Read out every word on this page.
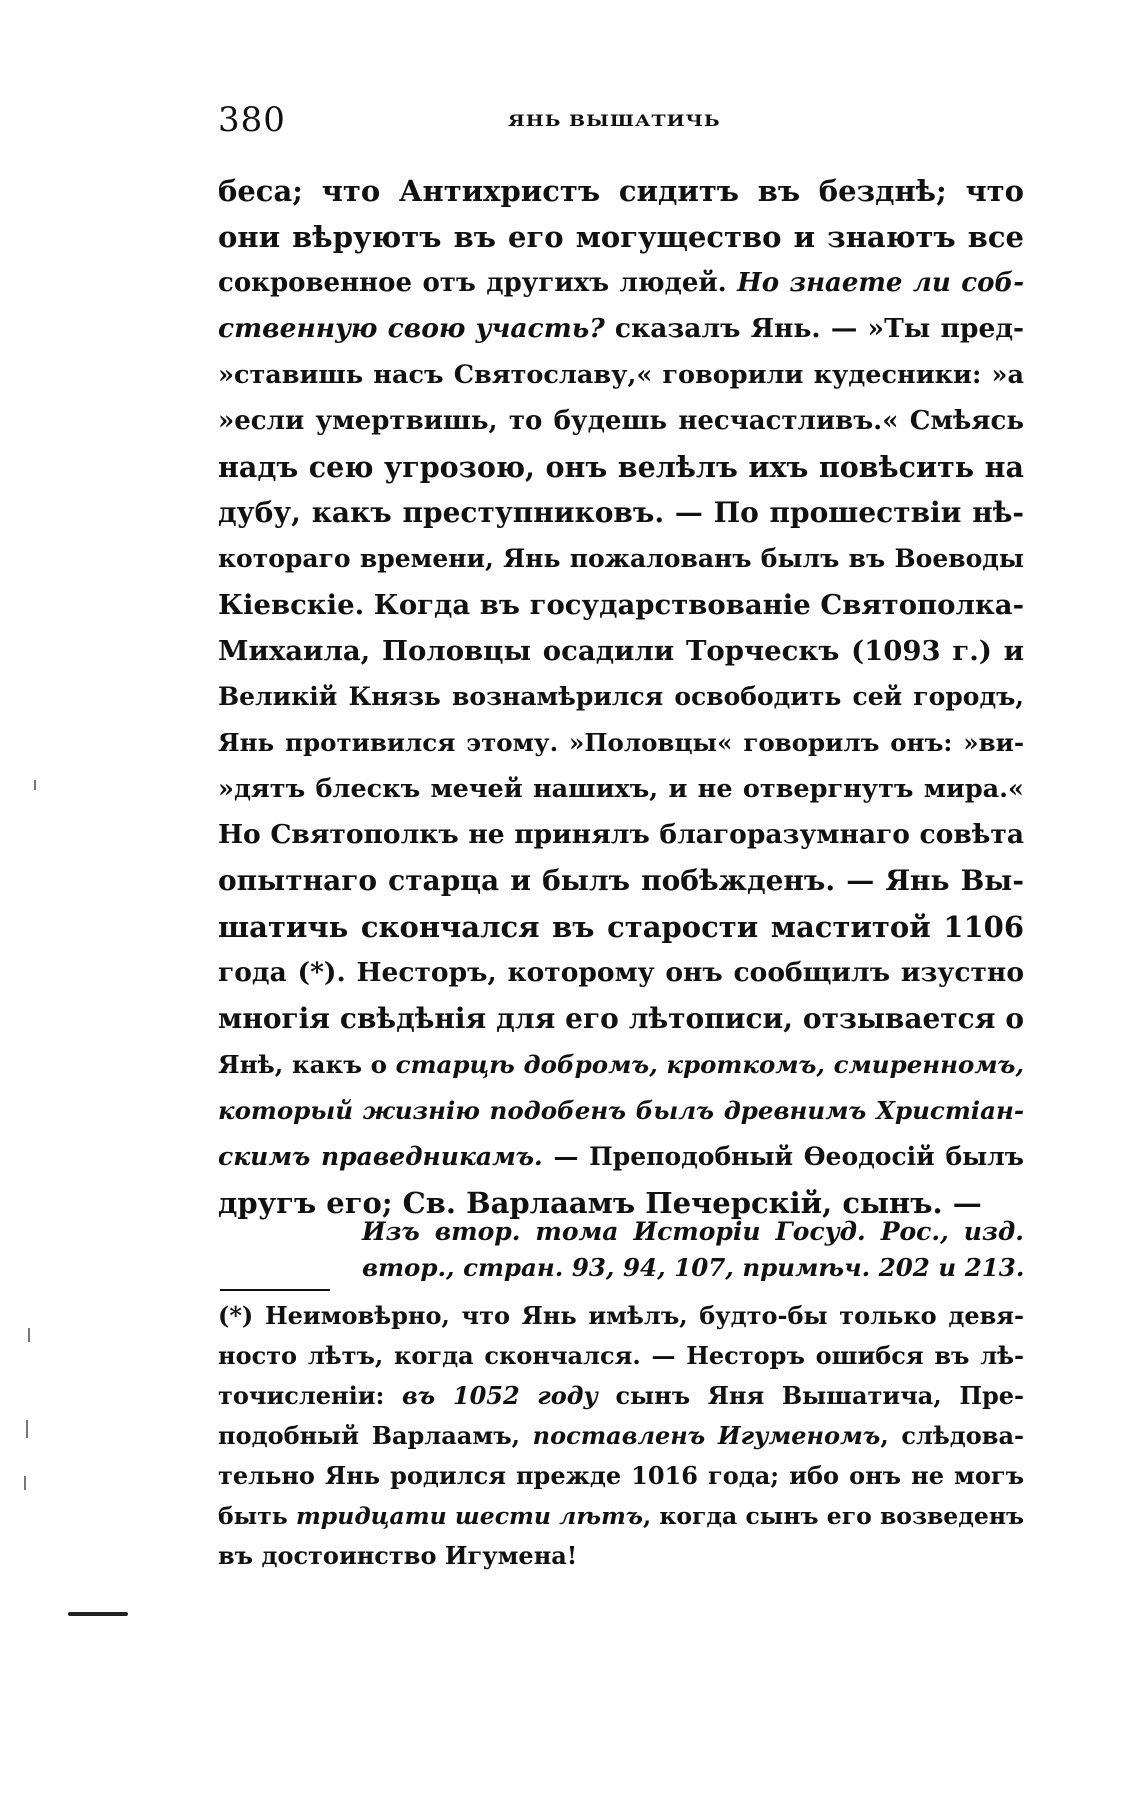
380	ЯНЬ ВЫШАТИЧЬ
беса; что Антихристъ сидитъ въ безднѣ; что
они вѣруютъ въ его могущество и знаютъ все
сокровенное отъ другихъ людей. Но знаете ли соб-
ственную свою участь? сказалъ Янь. — »Ты пред-
»ставишь насъ Святославу,« говорили кудесники: »а
»если умертвишь, то будешь несчастливъ.« Смѣясь
надъ сею угрозою, онъ велѣлъ ихъ повѣсить на
дубу, какъ преступниковъ. — По прошествіи нѣ-
котораго времени, Янь пожалованъ былъ въ Воеводы
Кіевскіе. Когда въ государствованіе Святополка-
Михаила, Половцы осадили Торческъ (1093 г.) и
Великій Князь вознамѣрился освободить сей городъ,
Янь противился этому. »Половцы« говорилъ онъ: »ви-
»дятъ блескъ мечей нашихъ, и не отвергнутъ мира.«
Но Святополкъ не принялъ благоразумнаго совѣта
опытнаго старца и былъ побѣжденъ. — Янь Вы-
шатичь скончался въ старости маститой 1106
года (*). Несторъ, которому онъ сообщилъ изустно
многія свѣдѣнія для его лѣтописи, отзывается о
Янѣ, какъ о старцѣ добромъ, кроткомъ, смиренномъ,
который жизнію подобенъ былъ древнимъ Христіан-
скимъ праведникамъ. — Преподобный Ѳеодосій былъ
другъ его; Св. Варлаамъ Печерскій, сынъ. —
Изъ втор. тома Исторіи Госуд. Рос., изд.
втор., стран. 93, 94, 107, примѣч. 202 и 213.
(*) Неимовѣрно, что Янь имѣлъ, будто-бы только девя-
носто лѣтъ, когда скончался. — Несторъ ошибся въ лѣ-
точисленіи: въ 1052 году сынъ Яня Вышатича, Пре-
подобный Варлаамъ, поставленъ Игуменомъ, слѣдова-
тельно Янь родился прежде 1016 года; ибо онъ не могъ
быть тридцати шести лѣтъ, когда сынъ его возведенъ
въ достоинство Игумена!
